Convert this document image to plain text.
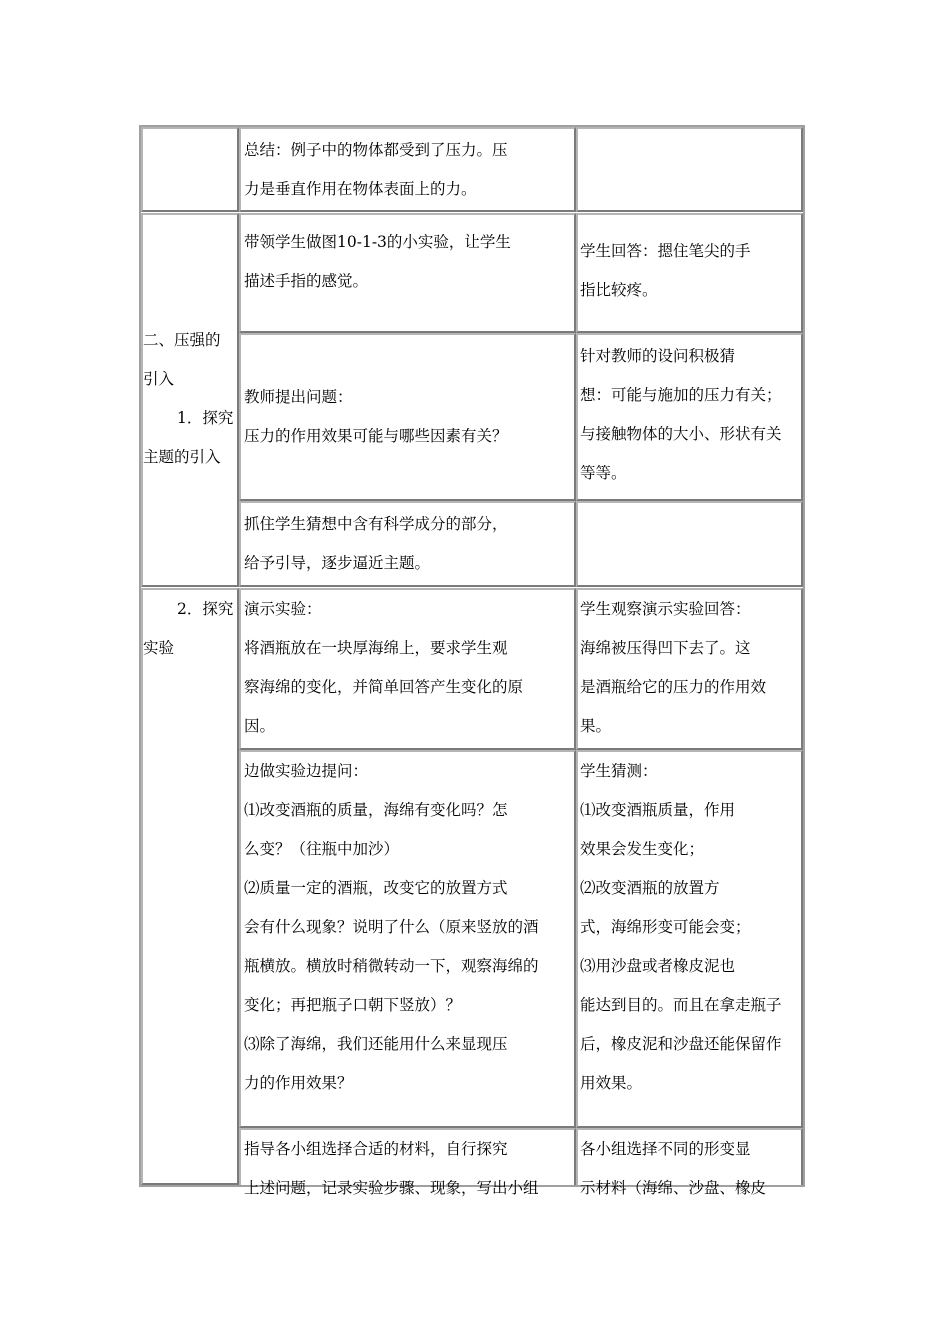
总结：例子中的物体都受到了压力。压

力是垂直作用在物体表面上的力。

二、压强的

引入

1．探究

主题的引入

带领学生做图10-1-3的小实验，让学生

描述手指的感觉。

学生回答：摁住笔尖的手

指比较疼。

教师提出问题：

压力的作用效果可能与哪些因素有关？

针对教师的设问积极猜

想：可能与施加的压力有关；

与接触物体的大小、形状有关

等等。

抓住学生猜想中含有科学成分的部分，

给予引导，逐步逼近主题。

2．探究

实验

演示实验：

将酒瓶放在一块厚海绵上，要求学生观

察海绵的变化，并简单回答产生变化的原

因。

学生观察演示实验回答：

海绵被压得凹下去了。这

是酒瓶给它的压力的作用效

果。

边做实验边提问：

⑴改变酒瓶的质量，海绵有变化吗？怎

么变？（往瓶中加沙）

⑵质量一定的酒瓶，改变它的放置方式

会有什么现象？说明了什么（原来竖放的酒

瓶横放。横放时稍微转动一下，观察海绵的

变化；再把瓶子口朝下竖放）？

⑶除了海绵，我们还能用什么来显现压

力的作用效果？

学生猜测：

⑴改变酒瓶质量，作用

效果会发生变化；

⑵改变酒瓶的放置方

式，海绵形变可能会变；

⑶用沙盘或者橡皮泥也

能达到目的。而且在拿走瓶子

后，橡皮泥和沙盘还能保留作

用效果。

指导各小组选择合适的材料，自行探究

上述问题，记录实验步骤、现象，写出小组

各小组选择不同的形变显

示材料（海绵、沙盘、橡皮
